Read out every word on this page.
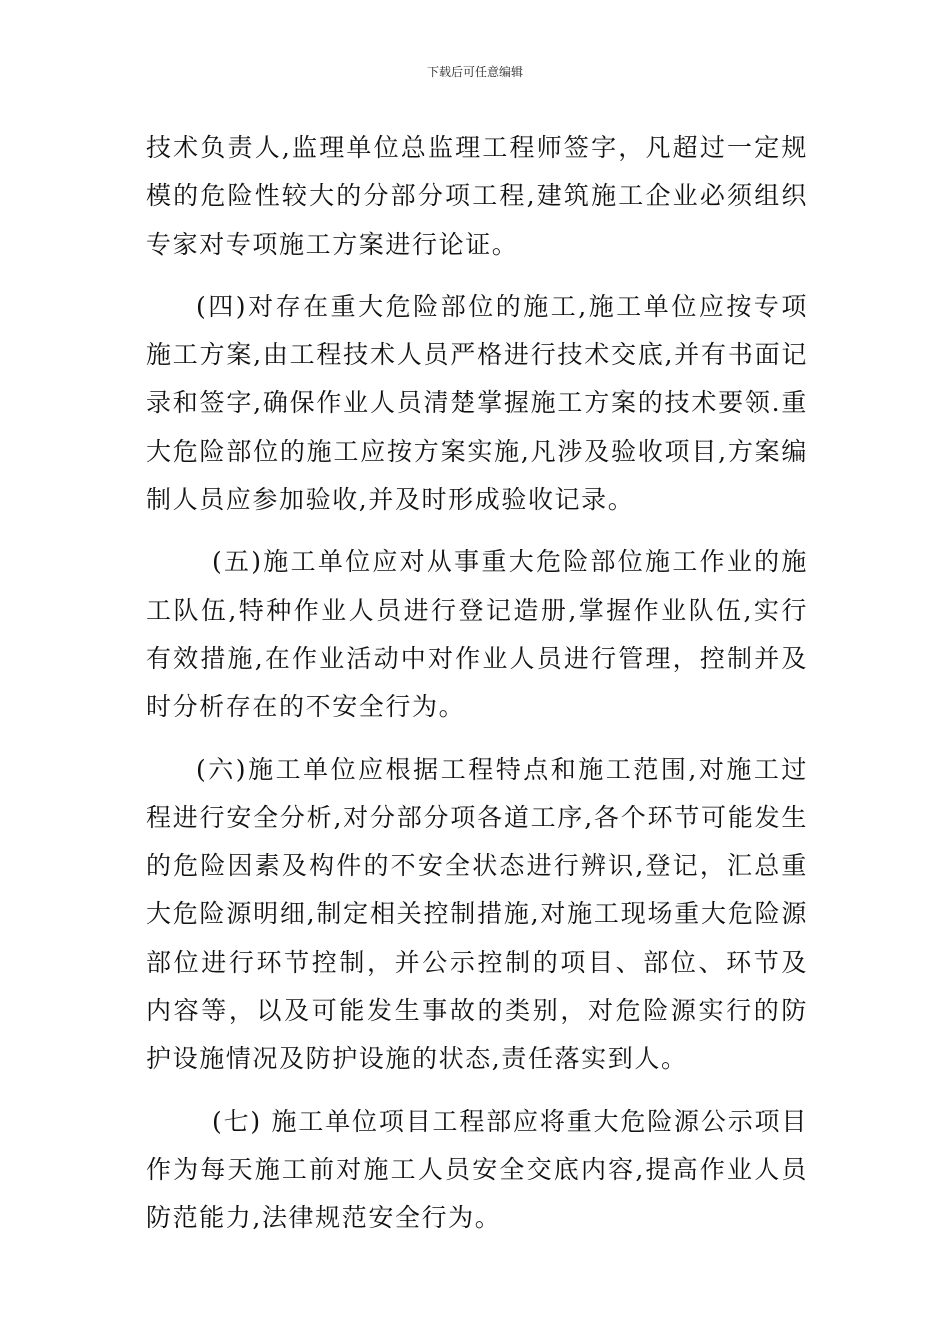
下载后可任意编辑

技术负责人,监理单位总监理工程师签字，凡超过一定规模的危险性较大的分部分项工程,建筑施工企业必须组织专家对专项施工方案进行论证。

(四)对存在重大危险部位的施工,施工单位应按专项施工方案,由工程技术人员严格进行技术交底,并有书面记录和签字,确保作业人员清楚掌握施工方案的技术要领.重大危险部位的施工应按方案实施,凡涉及验收项目,方案编制人员应参加验收,并及时形成验收记录。

(五)施工单位应对从事重大危险部位施工作业的施工队伍,特种作业人员进行登记造册,掌握作业队伍,实行有效措施,在作业活动中对作业人员进行管理，控制并及时分析存在的不安全行为。

(六)施工单位应根据工程特点和施工范围,对施工过程进行安全分析,对分部分项各道工序,各个环节可能发生的危险因素及构件的不安全状态进行辨识,登记，汇总重大危险源明细,制定相关控制措施,对施工现场重大危险源部位进行环节控制，并公示控制的项目、部位、环节及内容等，以及可能发生事故的类别，对危险源实行的防护设施情况及防护设施的状态,责任落实到人。

(七) 施工单位项目工程部应将重大危险源公示项目作为每天施工前对施工人员安全交底内容,提高作业人员防范能力,法律规范安全行为。
